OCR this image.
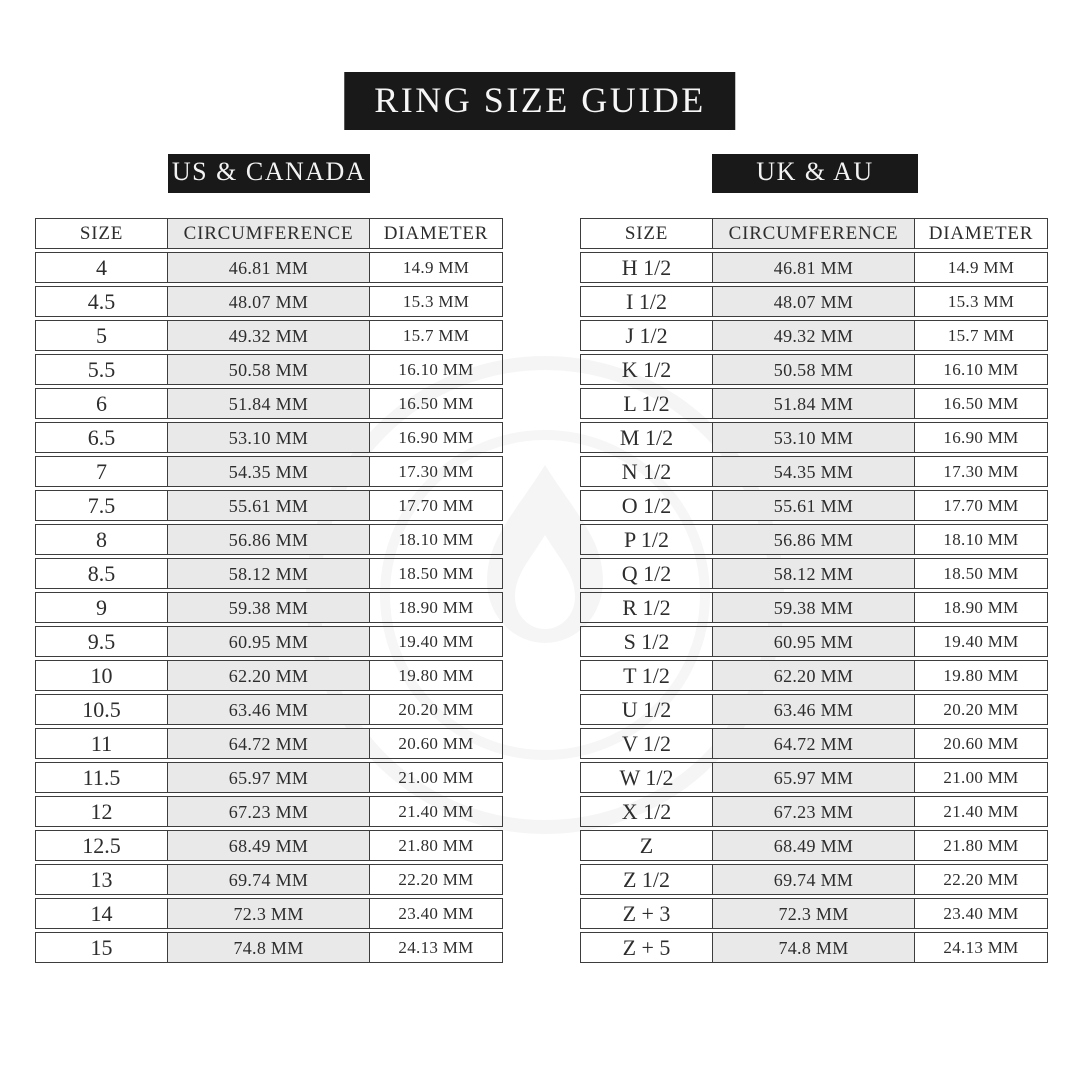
RING SIZE GUIDE
US & CANADA	UK & AU
SIZE	CIRCUMFERENCE	DIAMETER
4	46.81 MM	14.9 MM
4.5	48.07 MM	15.3 MM
5	49.32 MM	15.7 MM
5.5	50.58 MM	16.10 MM
6	51.84 MM	16.50 MM
6.5	53.10 MM	16.90 MM
7	54.35 MM	17.30 MM
7.5	55.61 MM	17.70 MM
8	56.86 MM	18.10 MM
8.5	58.12 MM	18.50 MM
9	59.38 MM	18.90 MM
9.5	60.95 MM	19.40 MM
10	62.20 MM	19.80 MM
10.5	63.46 MM	20.20 MM
11	64.72 MM	20.60 MM
11.5	65.97 MM	21.00 MM
12	67.23 MM	21.40 MM
12.5	68.49 MM	21.80 MM
13	69.74 MM	22.20 MM
14	72.3 MM	23.40 MM
15	74.8 MM	24.13 MM
SIZE	CIRCUMFERENCE	DIAMETER
H 1/2	46.81 MM	14.9 MM
I 1/2	48.07 MM	15.3 MM
J 1/2	49.32 MM	15.7 MM
K 1/2	50.58 MM	16.10 MM
L 1/2	51.84 MM	16.50 MM
M 1/2	53.10 MM	16.90 MM
N 1/2	54.35 MM	17.30 MM
O 1/2	55.61 MM	17.70 MM
P 1/2	56.86 MM	18.10 MM
Q 1/2	58.12 MM	18.50 MM
R 1/2	59.38 MM	18.90 MM
S 1/2	60.95 MM	19.40 MM
T 1/2	62.20 MM	19.80 MM
U 1/2	63.46 MM	20.20 MM
V 1/2	64.72 MM	20.60 MM
W 1/2	65.97 MM	21.00 MM
X 1/2	67.23 MM	21.40 MM
Z	68.49 MM	21.80 MM
Z 1/2	69.74 MM	22.20 MM
Z + 3	72.3 MM	23.40 MM
Z + 5	74.8 MM	24.13 MM
